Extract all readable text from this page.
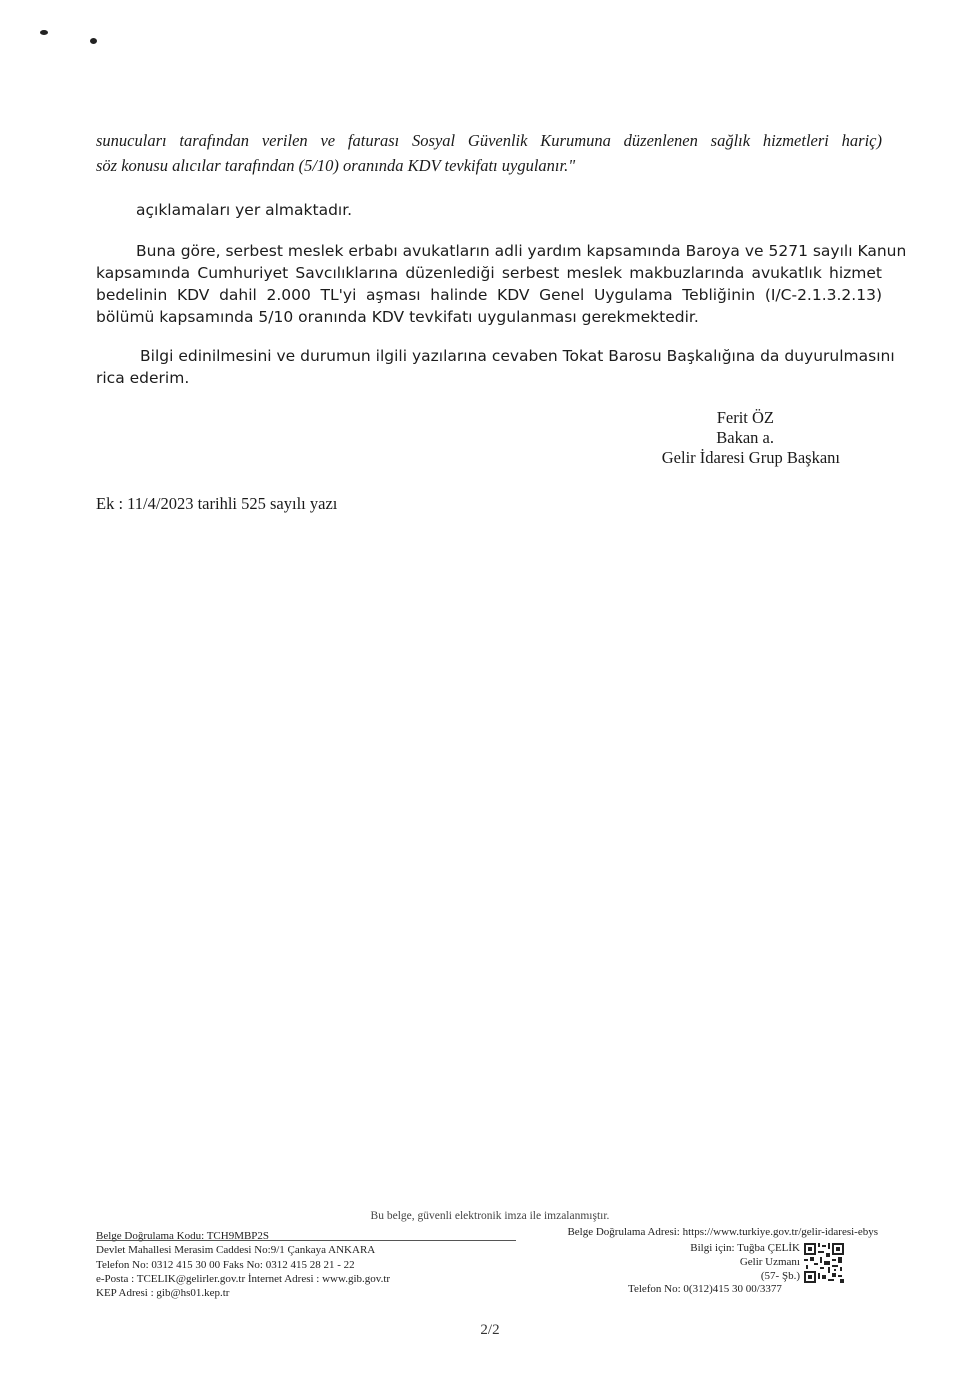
sunucuları tarafından verilen ve faturası Sosyal Güvenlik Kurumuna düzenlenen sağlık hizmetleri hariç)
söz konusu alıcılar tarafından (5/10) oranında KDV tevkifatı uygulanır."
açıklamaları yer almaktadır.
Buna göre, serbest meslek erbabı avukatların adli yardım kapsamında Baroya ve 5271 sayılı Kanun
kapsamında Cumhuriyet Savcılıklarına düzenlediği serbest meslek makbuzlarında avukatlık hizmet
bedelinin KDV dahil 2.000 TL'yi aşması halinde KDV Genel Uygulama Tebliğinin (I/C-2.1.3.2.13)
bölümü kapsamında 5/10 oranında KDV tevkifatı uygulanması gerekmektedir.
Bilgi edinilmesini ve durumun ilgili yazılarına cevaben Tokat Barosu Başkalığına da duyurulmasını
rica ederim.
Ferit ÖZ
Bakan a.
Gelir İdaresi Grup Başkanı
Ek : 11/4/2023 tarihli 525 sayılı yazı
Bu belge, güvenli elektronik imza ile imzalanmıştır.
Belge Doğrulama Adresi: https://www.turkiye.gov.tr/gelir-idaresi-ebys
Belge Doğrulama Kodu: TCH9MBP2S
Devlet Mahallesi Merasim Caddesi No:9/1 Çankaya ANKARA
Telefon No: 0312 415 30 00 Faks No: 0312 415 28 21 - 22
e-Posta : TCELIK@gelirler.gov.tr İnternet Adresi : www.gib.gov.tr
KEP Adresi : gib@hs01.kep.tr
Bilgi için: Tuğba ÇELİK
Gelir Uzmanı
(57- Şb.)
Telefon No: 0(312)415 30 00/3377
2/2
